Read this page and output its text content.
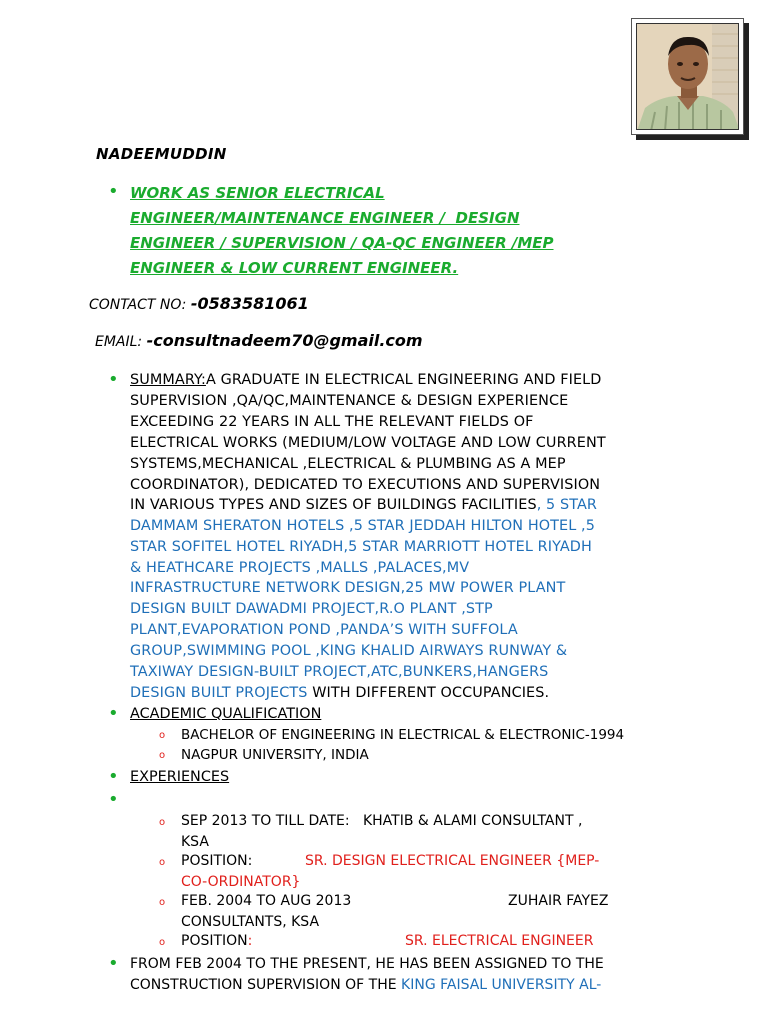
NADEEMUDDIN
• WORK AS SENIOR ELECTRICAL
ENGINEER/MAINTENANCE ENGINEER /  DESIGN
ENGINEER / SUPERVISION / QA-QC ENGINEER /MEP
ENGINEER & LOW CURRENT ENGINEER.
CONTACT NO: -0583581061
EMAIL: -consultnadeem70@gmail.com
• SUMMARY:A GRADUATE IN ELECTRICAL ENGINEERING AND FIELD
SUPERVISION ,QA/QC,MAINTENANCE & DESIGN EXPERIENCE
EXCEEDING 22 YEARS IN ALL THE RELEVANT FIELDS OF
ELECTRICAL WORKS (MEDIUM/LOW VOLTAGE AND LOW CURRENT
SYSTEMS,MECHANICAL ,ELECTRICAL & PLUMBING AS A MEP
COORDINATOR), DEDICATED TO EXECUTIONS AND SUPERVISION
IN VARIOUS TYPES AND SIZES OF BUILDINGS FACILITIES, 5 STAR
DAMMAM SHERATON HOTELS ,5 STAR JEDDAH HILTON HOTEL ,5
STAR SOFITEL HOTEL RIYADH,5 STAR MARRIOTT HOTEL RIYADH
& HEATHCARE PROJECTS ,MALLS ,PALACES,MV
INFRASTRUCTURE NETWORK DESIGN,25 MW POWER PLANT
DESIGN BUILT DAWADMI PROJECT,R.O PLANT ,STP
PLANT,EVAPORATION POND ,PANDA’S WITH SUFFOLA
GROUP,SWIMMING POOL ,KING KHALID AIRWAYS RUNWAY &
TAXIWAY DESIGN-BUILT PROJECT,ATC,BUNKERS,HANGERS
DESIGN BUILT PROJECTS WITH DIFFERENT OCCUPANCIES.
• ACADEMIC QUALIFICATION
o BACHELOR OF ENGINEERING IN ELECTRICAL & ELECTRONIC-1994
o NAGPUR UNIVERSITY, INDIA
• EXPERIENCES
•
o SEP 2013 TO TILL DATE:   KHATIB & ALAMI CONSULTANT ,
KSA
o POSITION:	SR. DESIGN ELECTRICAL ENGINEER {MEP-
CO-ORDINATOR}
o FEB. 2004 TO AUG 2013	ZUHAIR FAYEZ
CONSULTANTS, KSA
o POSITION:	SR. ELECTRICAL ENGINEER
• FROM FEB 2004 TO THE PRESENT, HE HAS BEEN ASSIGNED TO THE
CONSTRUCTION SUPERVISION OF THE KING FAISAL UNIVERSITY AL-
